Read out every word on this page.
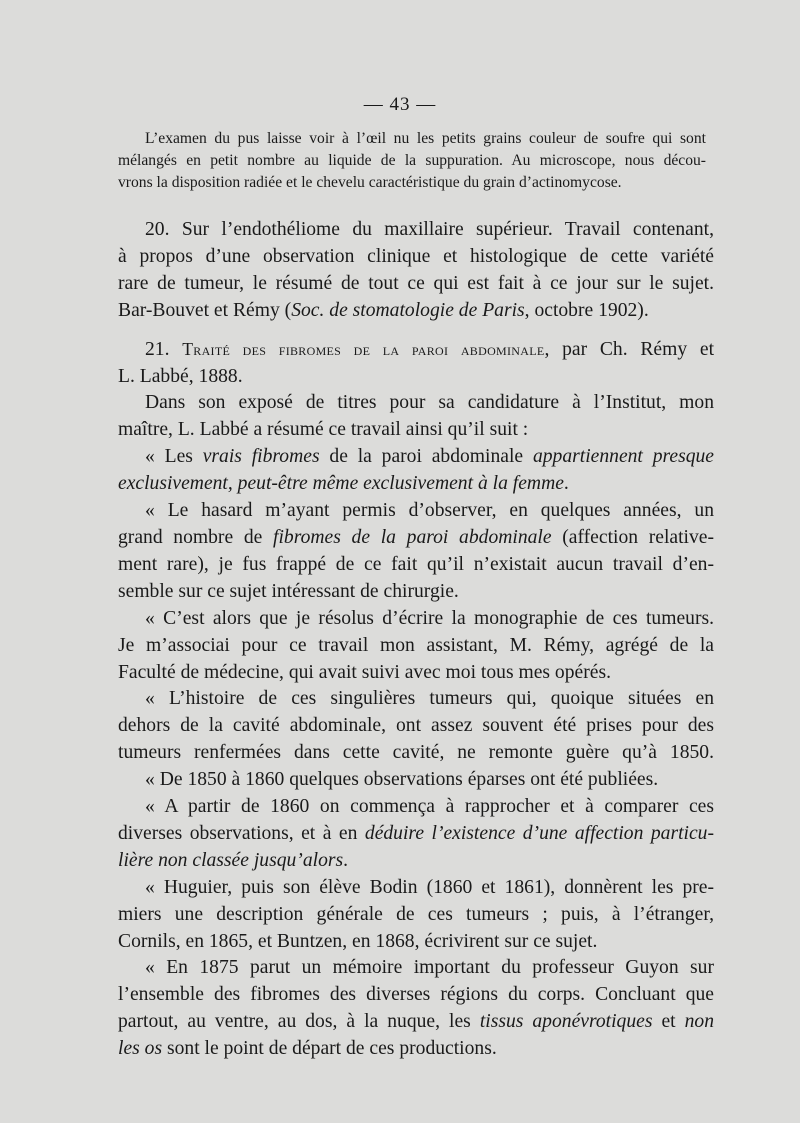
— 43 —
L’examen du pus laisse voir à l’œil nu les petits grains couleur de soufre qui sont
mélangés en petit nombre au liquide de la suppuration. Au microscope, nous décou-
vrons la disposition radiée et le chevelu caractéristique du grain d’actinomycose.
20. Sur l’endothéliome du maxillaire supérieur. Travail contenant,
à propos d’une observation clinique et histologique de cette variété
rare de tumeur, le résumé de tout ce qui est fait à ce jour sur le sujet.
Bar-Bouvet et Rémy (Soc. de stomatologie de Paris, octobre 1902).
21. Traité des fibromes de la paroi abdominale, par Ch. Rémy et
L. Labbé, 1888.
Dans son exposé de titres pour sa candidature à l’Institut, mon
maître, L. Labbé a résumé ce travail ainsi qu’il suit :
« Les vrais fibromes de la paroi abdominale appartiennent presque
exclusivement, peut-être même exclusivement à la femme.
« Le hasard m’ayant permis d’observer, en quelques années, un
grand nombre de fibromes de la paroi abdominale (affection relative-
ment rare), je fus frappé de ce fait qu’il n’existait aucun travail d’en-
semble sur ce sujet intéressant de chirurgie.
« C’est alors que je résolus d’écrire la monographie de ces tumeurs.
Je m’associai pour ce travail mon assistant, M. Rémy, agrégé de la
Faculté de médecine, qui avait suivi avec moi tous mes opérés.
« L’histoire de ces singulières tumeurs qui, quoique situées en
dehors de la cavité abdominale, ont assez souvent été prises pour des
tumeurs renfermées dans cette cavité, ne remonte guère qu’à 1850.
« De 1850 à 1860 quelques observations éparses ont été publiées.
« A partir de 1860 on commença à rapprocher et à comparer ces
diverses observations, et à en déduire l’existence d’une affection particu-
lière non classée jusqu’alors.
« Huguier, puis son élève Bodin (1860 et 1861), donnèrent les pre-
miers une description générale de ces tumeurs ; puis, à l’étranger,
Cornils, en 1865, et Buntzen, en 1868, écrivirent sur ce sujet.
« En 1875 parut un mémoire important du professeur Guyon sur
l’ensemble des fibromes des diverses régions du corps. Concluant que
partout, au ventre, au dos, à la nuque, les tissus aponévrotiques et non
les os sont le point de départ de ces productions.
